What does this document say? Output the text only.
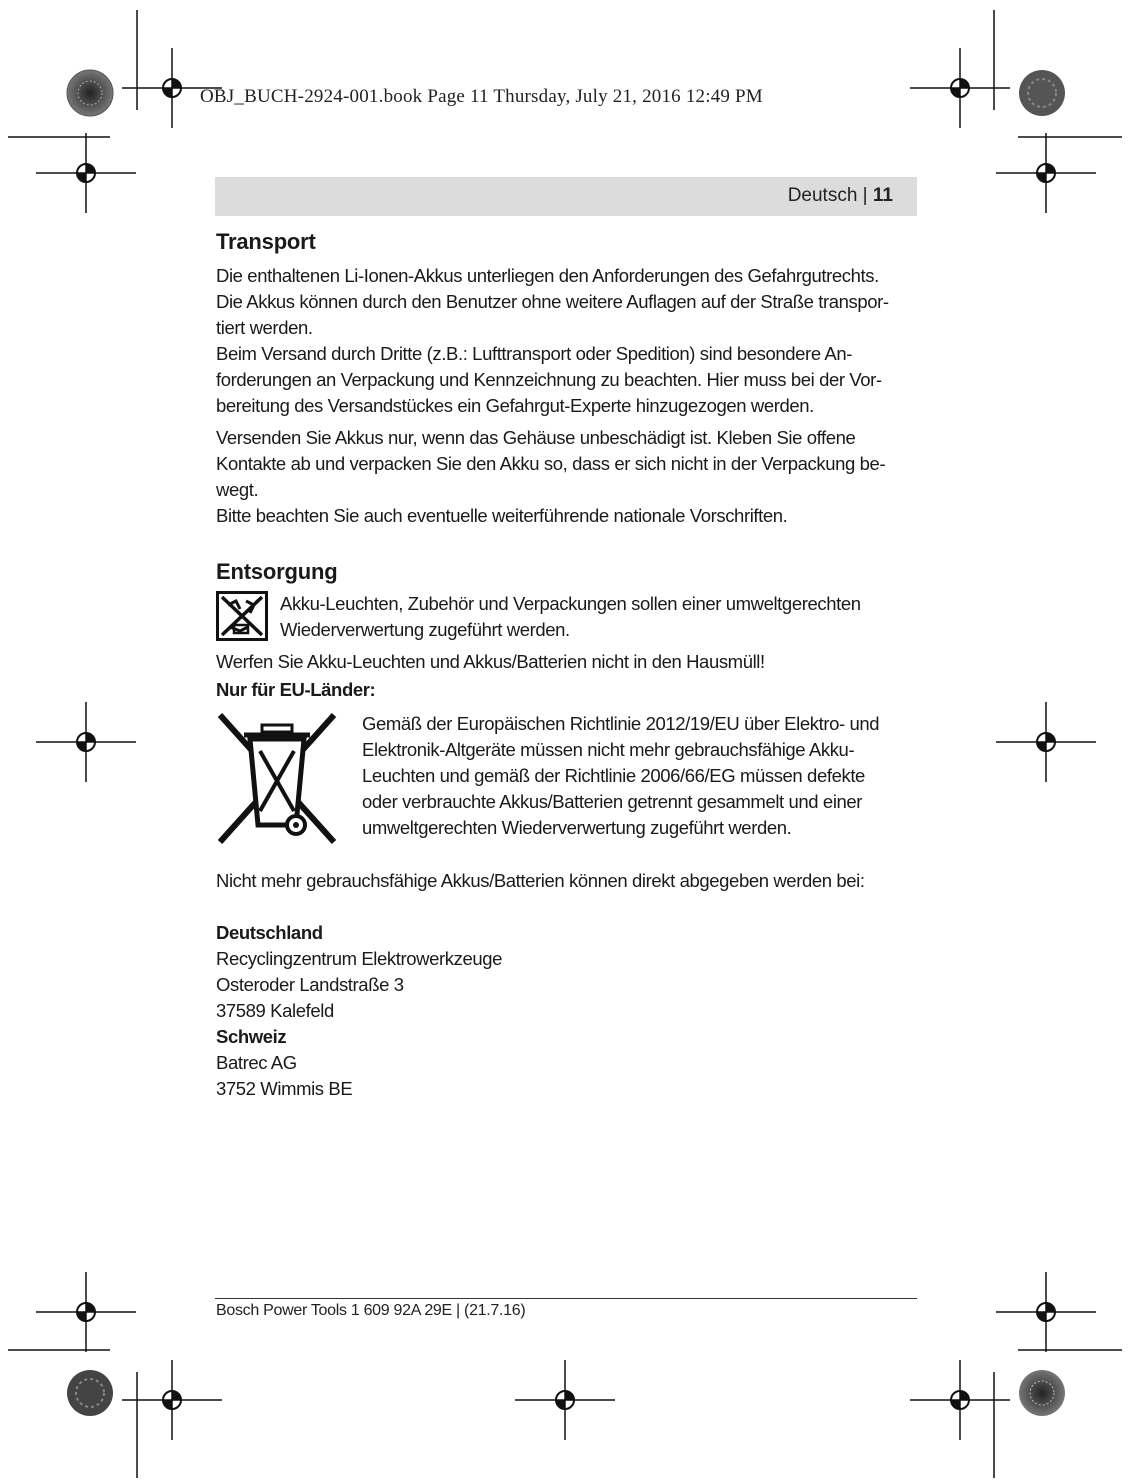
OBJ_BUCH-2924-001.book Page 11 Thursday, July 21, 2016 12:49 PM
Deutsch | 11
Transport

Die enthaltenen Li-Ionen-Akkus unterliegen den Anforderungen des Gefahrgutrechts.

Die Akkus können durch den Benutzer ohne weitere Auflagen auf der Straße transpor-

tiert werden.

Beim Versand durch Dritte (z.B.: Lufttransport oder Spedition) sind besondere An-

forderungen an Verpackung und Kennzeichnung zu beachten. Hier muss bei der Vor-

bereitung des Versandstückes ein Gefahrgut-Experte hinzugezogen werden.

Versenden Sie Akkus nur, wenn das Gehäuse unbeschädigt ist. Kleben Sie offene

Kontakte ab und verpacken Sie den Akku so, dass er sich nicht in der Verpackung be-

wegt.

Bitte beachten Sie auch eventuelle weiterführende nationale Vorschriften.

Entsorgung

Akku-Leuchten, Zubehör und Verpackungen sollen einer umweltgerechten

Wiederverwertung zugeführt werden.

Werfen Sie Akku-Leuchten und Akkus/Batterien nicht in den Hausmüll!

Nur für EU-Länder:

Gemäß der Europäischen Richtlinie 2012/19/EU über Elektro- und

Elektronik-Altgeräte müssen nicht mehr gebrauchsfähige Akku-

Leuchten und gemäß der Richtlinie 2006/66/EG müssen defekte

oder verbrauchte Akkus/Batterien getrennt gesammelt und einer

umweltgerechten Wiederverwertung zugeführt werden.

Nicht mehr gebrauchsfähige Akkus/Batterien können direkt abgegeben werden bei:

Deutschland

Recyclingzentrum Elektrowerkzeuge

Osteroder Landstraße 3

37589 Kalefeld

Schweiz

Batrec AG

3752 Wimmis BE

Bosch Power Tools 1 609 92A 29E | (21.7.16)
